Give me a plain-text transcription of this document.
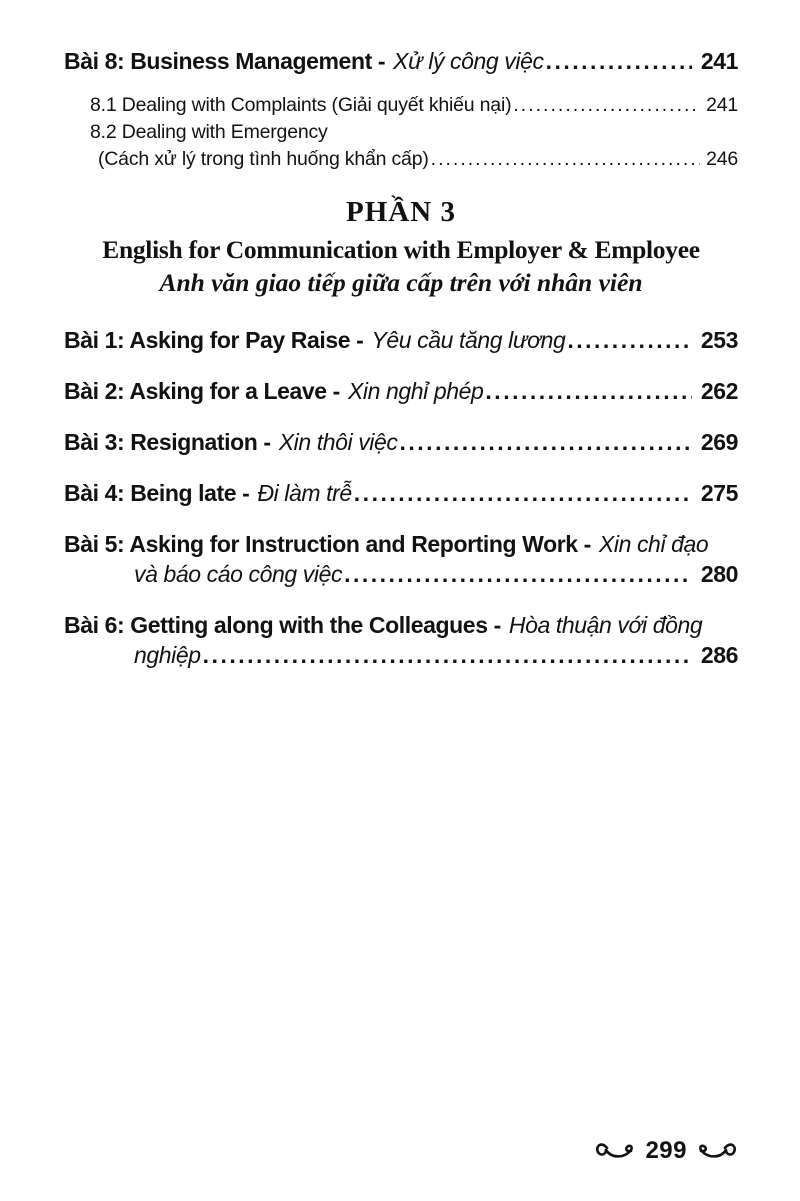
Bài 8: Business Management - Xử lý công việc .....	241
8.1 Dealing with Complaints (Giải quyết khiếu nại) .....	241
8.2 Dealing with Emergency
(Cách xử lý trong tình huống khẩn cấp) .....	246
PHẦN 3
English for Communication with Employer & Employee
Anh văn giao tiếp giữa cấp trên với nhân viên
Bài 1: Asking for Pay Raise - Yêu cầu tăng lương .....	253
Bài 2: Asking for a Leave - Xin nghỉ phép .....	262
Bài 3: Resignation - Xin thôi việc .....	269
Bài 4: Being late - Đi làm trễ .....	275
Bài 5: Asking for Instruction and Reporting Work - Xin chỉ đạo
và báo cáo công việc .....	280
Bài 6: Getting along with the Colleagues - Hòa thuận với đồng
nghiệp .....	286
299
